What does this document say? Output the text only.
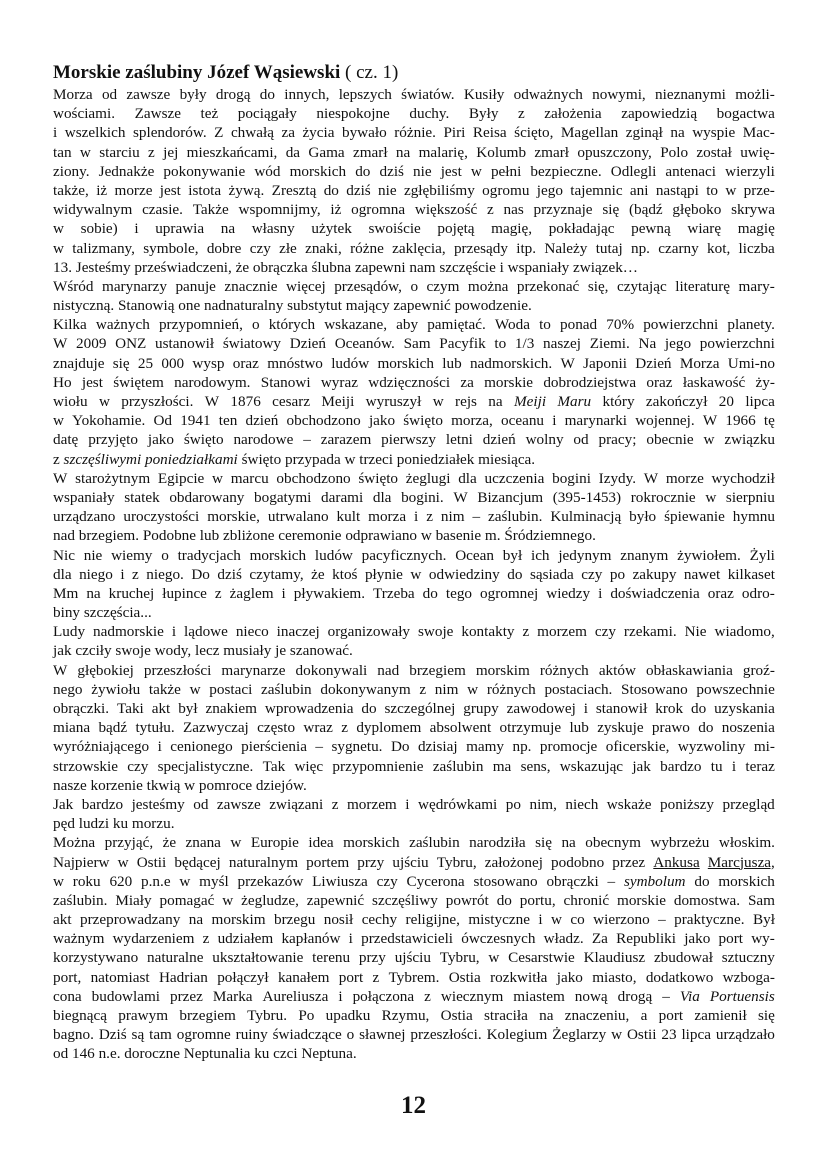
Morskie zaślubiny Józef Wąsiewski ( cz. 1)
Morza od zawsze były drogą do innych, lepszych światów. Kusiły odważnych nowymi, nieznanymi możli-
wościami. Zawsze też pociągały niespokojne duchy. Były z założenia zapowiedzią bogactwa
i wszelkich splendorów. Z chwałą za życia bywało różnie. Piri Reisa ścięto, Magellan zginął na wyspie Mac-
tan w starciu z jej mieszkańcami, da Gama zmarł na malarię, Kolumb zmarł opuszczony, Polo został uwię-
ziony. Jednakże pokonywanie wód morskich do dziś nie jest w pełni bezpieczne. Odlegli antenaci wierzyli
także, iż morze jest istota żywą. Zresztą do dziś nie zgłębiliśmy ogromu jego tajemnic ani nastąpi to w prze-
widywalnym czasie. Także wspomnijmy, iż ogromna większość z nas przyznaje się (bądź głęboko skrywa
w sobie) i uprawia na własny użytek swoiście pojętą magię, pokładając pewną wiarę magię
w talizmany, symbole, dobre czy złe znaki, różne zaklęcia, przesądy itp. Należy tutaj np. czarny kot, liczba
13. Jesteśmy przeświadczeni, że obrączka ślubna zapewni nam szczęście i wspaniały związek…
Wśród marynarzy panuje znacznie więcej przesądów, o czym można przekonać się, czytając literaturę mary-
nistyczną. Stanowią one nadnaturalny substytut mający zapewnić powodzenie.
Kilka ważnych przypomnień, o których wskazane, aby pamiętać. Woda to ponad 70% powierzchni planety.
W 2009 ONZ ustanowił światowy Dzień Oceanów. Sam Pacyfik to 1/3 naszej Ziemi. Na jego powierzchni
znajduje się 25 000 wysp oraz mnóstwo ludów morskich lub nadmorskich. W Japonii Dzień Morza Umi-no
Ho jest świętem narodowym. Stanowi wyraz wdzięczności za morskie dobrodziejstwa oraz łaskawość ży-
wiołu w przyszłości. W 1876 cesarz Meiji wyruszył w rejs na Meiji Maru który zakończył 20 lipca
w Yokohamie. Od 1941 ten dzień obchodzono jako święto morza, oceanu i marynarki wojennej. W 1966 tę
datę przyjęto jako święto narodowe – zarazem pierwszy letni dzień wolny od pracy; obecnie w związku
z szczęśliwymi poniedziałkami święto przypada w trzeci poniedziałek miesiąca.
W starożytnym Egipcie w marcu obchodzono święto żeglugi dla uczczenia bogini Izydy. W morze wychodził
wspaniały statek obdarowany bogatymi darami dla bogini. W Bizancjum (395-1453) rokrocznie w sierpniu
urządzano uroczystości morskie, utrwalano kult morza i z nim – zaślubin. Kulminacją było śpiewanie hymnu
nad brzegiem. Podobne lub zbliżone ceremonie odprawiano w basenie m. Śródziemnego.
Nic nie wiemy o tradycjach morskich ludów pacyficznych. Ocean był ich jedynym znanym żywiołem. Żyli
dla niego i z niego. Do dziś czytamy, że ktoś płynie w odwiedziny do sąsiada czy po zakupy nawet kilkaset
Mm na kruchej łupince z żaglem i pływakiem. Trzeba do tego ogromnej wiedzy i doświadczenia oraz odro-
biny szczęścia...
Ludy nadmorskie i lądowe nieco inaczej organizowały swoje kontakty z morzem czy rzekami. Nie wiadomo,
jak czciły swoje wody, lecz musiały je szanować.
W głębokiej przeszłości marynarze dokonywali nad brzegiem morskim różnych aktów obłaskawiania groź-
nego żywiołu także w postaci zaślubin dokonywanym z nim w różnych postaciach. Stosowano powszechnie
obrączki. Taki akt był znakiem wprowadzenia do szczególnej grupy zawodowej i stanowił krok do uzyskania
miana bądź tytułu. Zazwyczaj często wraz z dyplomem absolwent otrzymuje lub zyskuje prawo do noszenia
wyróżniającego i cenionego pierścienia – sygnetu. Do dzisiaj mamy np. promocje oficerskie, wyzwoliny mi-
strzowskie czy specjalistyczne. Tak więc przypomnienie zaślubin ma sens, wskazując jak bardzo tu i teraz
nasze korzenie tkwią w pomroce dziejów.
Jak bardzo jesteśmy od zawsze związani z morzem i wędrówkami po nim, niech wskaże poniższy przegląd
pęd ludzi ku morzu.
Można przyjąć, że znana w Europie idea morskich zaślubin narodziła się na obecnym wybrzeżu włoskim.
Najpierw w Ostii będącej naturalnym portem przy ujściu Tybru, założonej podobno przez Ankusa Marcjusza,
w roku 620 p.n.e w myśl przekazów Liwiusza czy Cycerona stosowano obrączki – symbolum do morskich
zaślubin. Miały pomagać w żegludze, zapewnić szczęśliwy powrót do portu, chronić morskie domostwa. Sam
akt przeprowadzany na morskim brzegu nosił cechy religijne, mistyczne i w co wierzono – praktyczne. Był
ważnym wydarzeniem z udziałem kapłanów i przedstawicieli ówczesnych władz. Za Republiki jako port wy-
korzystywano naturalne ukształtowanie terenu przy ujściu Tybru, w Cesarstwie Klaudiusz zbudował sztuczny
port, natomiast Hadrian połączył kanałem port z Tybrem. Ostia rozkwitła jako miasto, dodatkowo wzboga-
cona budowlami przez Marka Aureliusza i połączona z wiecznym miastem nową drogą – Via Portuensis
biegnącą prawym brzegiem Tybru. Po upadku Rzymu, Ostia straciła na znaczeniu, a port zamienił się
bagno. Dziś są tam ogromne ruiny świadczące o sławnej przeszłości. Kolegium Żeglarzy w Ostii 23 lipca urządzało
od 146 n.e. doroczne Neptunalia ku czci Neptuna.
12
